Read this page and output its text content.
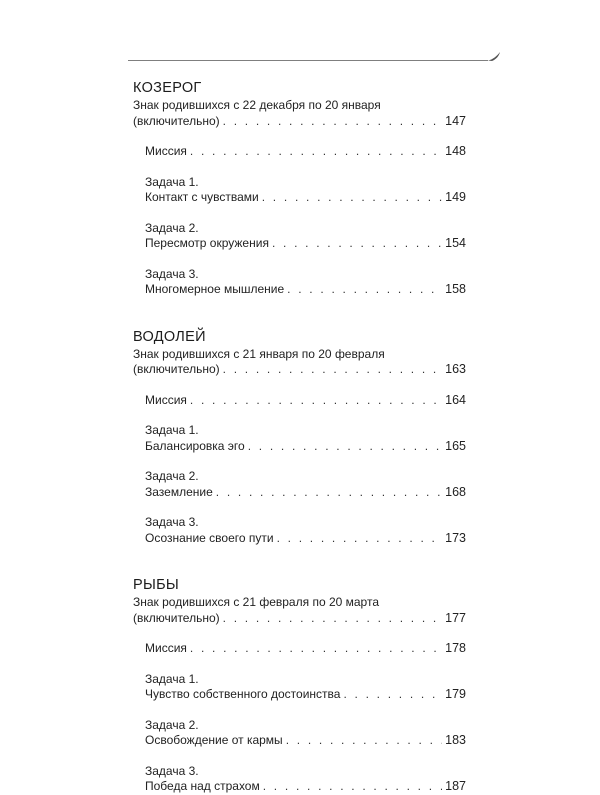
КОЗЕРОГ
Знак родившихся с 22 декабря по 20 января
(включительно) . . .	147
Миссия . . .	148
Задача 1.
Контакт с чувствами . . .	149
Задача 2.
Пересмотр окружения . . .	154
Задача 3.
Многомерное мышление . . .	158
ВОДОЛЕЙ
Знак родившихся с 21 января по 20 февраля
(включительно) . . .	163
Миссия . . .	164
Задача 1.
Балансировка эго . . .	165
Задача 2.
Заземление . . .	168
Задача 3.
Осознание своего пути . . .	173
РЫБЫ
Знак родившихся с 21 февраля по 20 марта
(включительно) . . .	177
Миссия . . .	178
Задача 1.
Чувство собственного достоинства . . .	179
Задача 2.
Освобождение от кармы . . .	183
Задача 3.
Победа над страхом . . .	187
